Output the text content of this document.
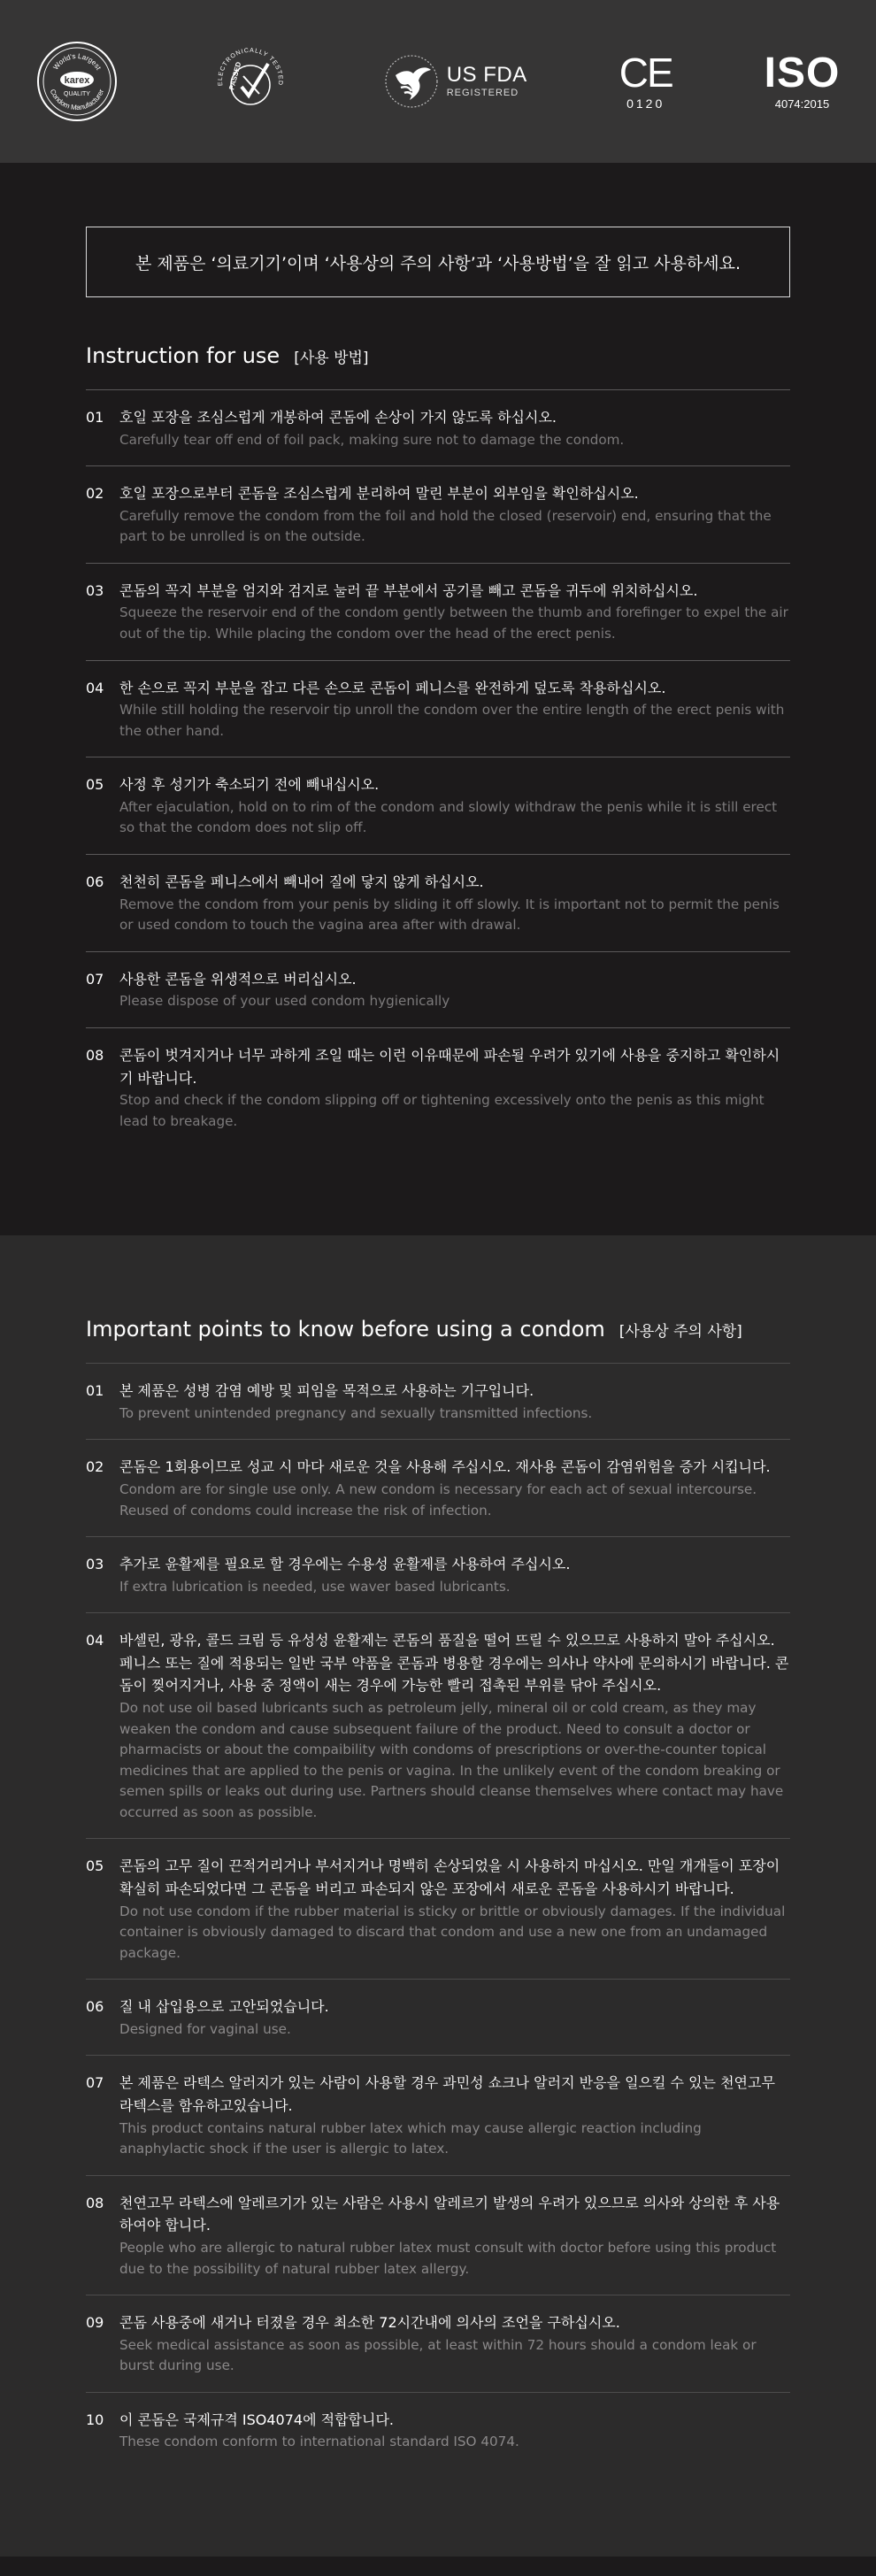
World's Largest
Condom Manufacturer
karex
QUALITY
ELECTRONICALLY TESTED
PASSED	US FDA
REGISTERED CE
0120
ISO
4074:2015
본 제품은 ‘의료기기’이며 ‘사용상의 주의 사항’과 ‘사용방법’을 잘 읽고 사용하세요.
Instruction for use [사용 방법]
01	호일 포장을 조심스럽게 개봉하여 콘돔에 손상이 가지 않도록 하십시오.
Carefully tear off end of foil pack, making sure not to damage the condom.
02	호일 포장으로부터 콘돔을 조심스럽게 분리하여 말린 부분이 외부임을 확인하십시오.
Carefully remove the condom from the foil and hold the closed (reservoir) end, ensuring that the part to be unrolled is on the outside.
03	콘돔의 꼭지 부분을 엄지와 검지로 눌러 끝 부분에서 공기를 빼고 콘돔을 귀두에 위치하십시오.
Squeeze the reservoir end of the condom gently between the thumb and forefinger to expel the air out of the tip. While placing the condom over the head of the erect penis.
04	한 손으로 꼭지 부분을 잡고 다른 손으로 콘돔이 페니스를 완전하게 덮도록 착용하십시오.
While still holding the reservoir tip unroll the condom over the entire length of the erect penis with the other hand.
05	사정 후 성기가 축소되기 전에 빼내십시오.
After ejaculation, hold on to rim of the condom and slowly withdraw the penis while it is still erect so that the condom does not slip off.
06	천천히 콘돔을 페니스에서 빼내어 질에 닿지 않게 하십시오.
Remove the condom from your penis by sliding it off slowly. It is important not to permit the penis or used condom to touch the vagina area after with drawal.
07	사용한 콘돔을 위생적으로 버리십시오.
Please dispose of your used condom hygienically
08	콘돔이 벗겨지거나 너무 과하게 조일 때는 이런 이유때문에 파손될 우려가 있기에 사용을 중지하고 확인하시기 바랍니다.
Stop and check if the condom slipping off or tightening excessively onto the penis as this might lead to breakage.
Important points to know before using a condom [사용상 주의 사항]
01	본 제품은 성병 감염 예방 및 피임을 목적으로 사용하는 기구입니다.
To prevent unintended pregnancy and sexually transmitted infections.
02	콘돔은 1회용이므로 성교 시 마다 새로운 것을 사용해 주십시오. 재사용 콘돔이 감염위험을 증가 시킵니다.
Condom are for single use only. A new condom is necessary for each act of sexual intercourse. Reused of condoms could increase the risk of infection.
03	추가로 윤활제를 필요로 할 경우에는 수용성 윤활제를 사용하여 주십시오.
If extra lubrication is needed, use waver based lubricants.
04	바셀린, 광유, 콜드 크림 등 유성성 윤활제는 콘돔의 품질을 떨어 뜨릴 수 있으므로 사용하지 말아 주십시오. 페니스 또는 질에 적용되는 일반 국부 약품을 콘돔과 병용할 경우에는 의사나 약사에 문의하시기 바랍니다. 콘돔이 찢어지거나, 사용 중 정액이 새는 경우에 가능한 빨리 접촉된 부위를 닦아 주십시오.
Do not use oil based lubricants such as petroleum jelly, mineral oil or cold cream, as they may weaken the condom and cause subsequent failure of the product. Need to consult a doctor or pharmacists or about the compaibility with condoms of prescriptions or over-the-counter topical medicines that are applied to the penis or vagina. In the unlikely event of the condom breaking or semen spills or leaks out during use. Partners should cleanse themselves where contact may have occurred as soon as possible.
05	콘돔의 고무 질이 끈적거리거나 부서지거나 명백히 손상되었을 시 사용하지 마십시오. 만일 개개들이 포장이 확실히 파손되었다면 그 콘돔을 버리고 파손되지 않은 포장에서 새로운 콘돔을 사용하시기 바랍니다.
Do not use condom if the rubber material is sticky or brittle or obviously damages. If the individual container is obviously damaged to discard that condom and use a new one from an undamaged package.
06	질 내 삽입용으로 고안되었습니다.
Designed for vaginal use.
07	본 제품은 라텍스 알러지가 있는 사람이 사용할 경우 과민성 쇼크나 알러지 반응을 일으킬 수 있는 천연고무 라텍스를 함유하고있습니다.
This product contains natural rubber latex which may cause allergic reaction including anaphylactic shock if the user is allergic to latex.
08	천연고무 라텍스에 알레르기가 있는 사람은 사용시 알레르기 발생의 우려가 있으므로 의사와 상의한 후 사용하여야 합니다.
People who are allergic to natural rubber latex must consult with doctor before using this product due to the possibility of natural rubber latex allergy.
09	콘돔 사용중에 새거나 터졌을 경우 최소한 72시간내에 의사의 조언을 구하십시오.
Seek medical assistance as soon as possible, at least within 72 hours should a condom leak or burst during use.
10	이 콘돔은 국제규격 ISO4074에 적합합니다.
These condom conform to international standard ISO 4074.
